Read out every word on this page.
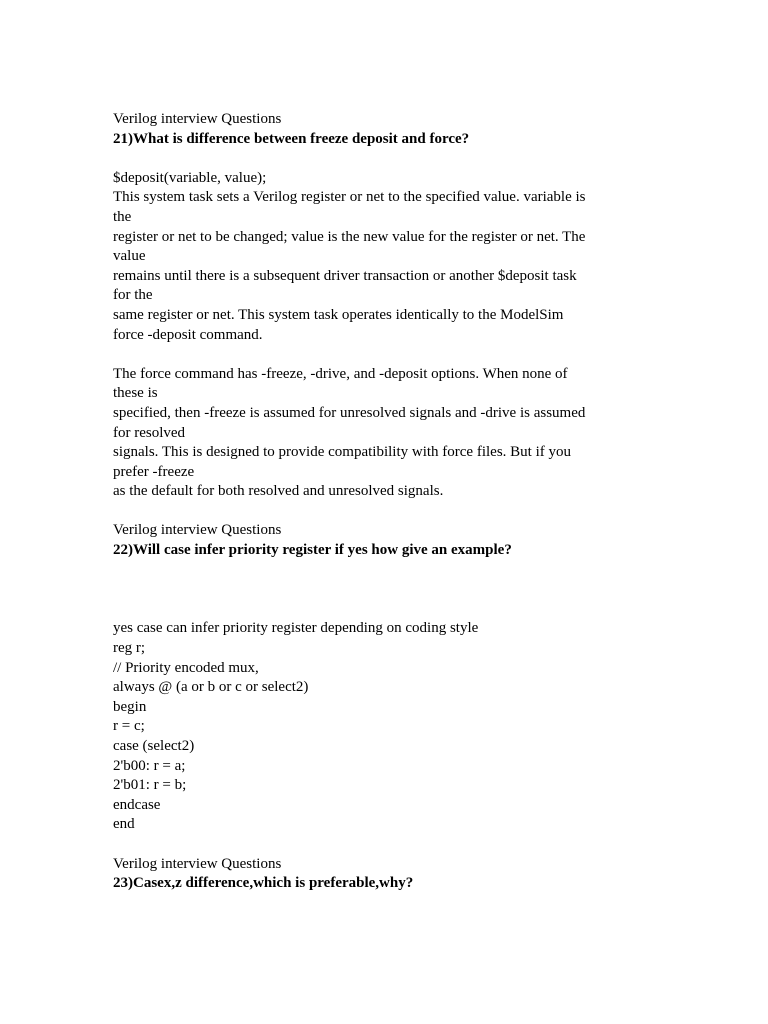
Verilog interview Questions
21)What is difference between freeze deposit and force?
$deposit(variable, value);
This system task sets a Verilog register or net to the specified value. variable is
the
register or net to be changed; value is the new value for the register or net. The
value
remains until there is a subsequent driver transaction or another $deposit task
for the
same register or net. This system task operates identically to the ModelSim
force -deposit command.
The force command has -freeze, -drive, and -deposit options. When none of
these is
specified, then -freeze is assumed for unresolved signals and -drive is assumed
for resolved
signals. This is designed to provide compatibility with force files. But if you
prefer -freeze
as the default for both resolved and unresolved signals.
Verilog interview Questions
22)Will case infer priority register if yes how give an example?
yes case can infer priority register depending on coding style
reg r;
// Priority encoded mux,
always @ (a or b or c or select2)
begin
r = c;
case (select2)
2'b00: r = a;
2'b01: r = b;
endcase
end
Verilog interview Questions
23)Casex,z difference,which is preferable,why?
